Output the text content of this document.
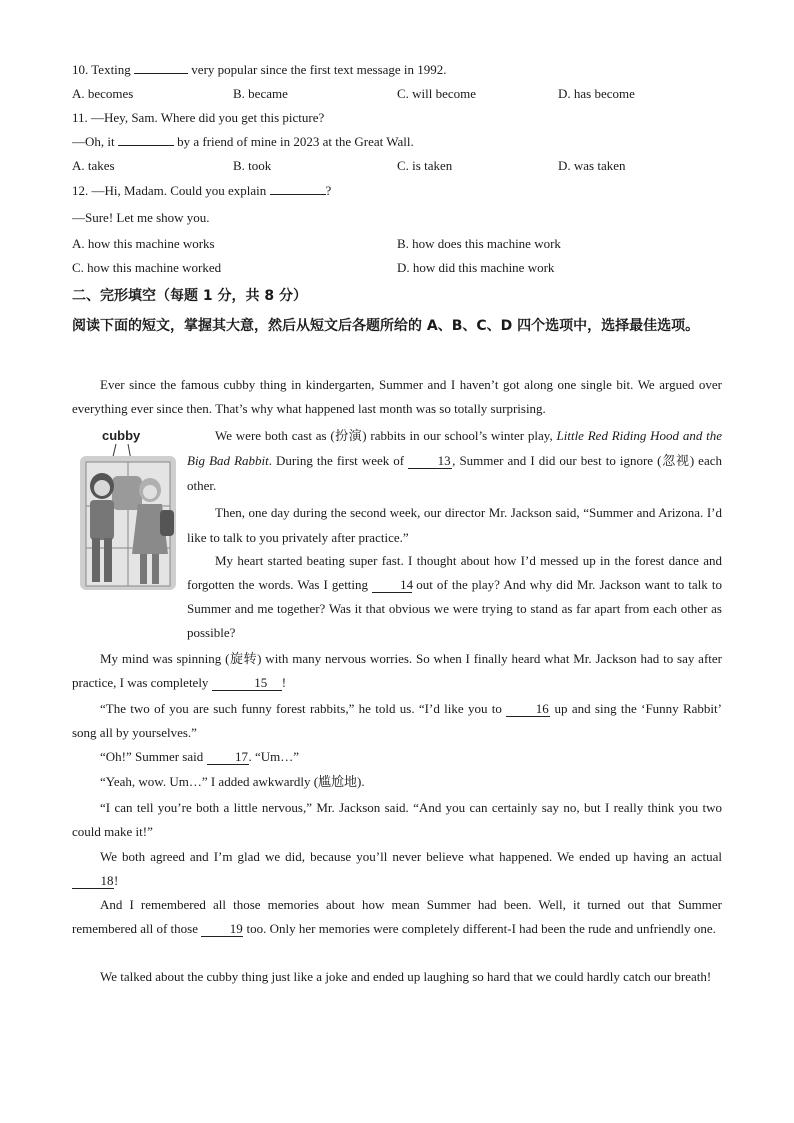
10. Texting	very popular since the first text message in 1992.
A. becomes	B. became	C. will become	D. has become
11. —Hey, Sam. Where did you get this picture?
—Oh, it	by a friend of mine in 2023 at the Great Wall.
A. takes	B. took	C. is taken	D. was taken
12. —Hi, Madam. Could you explain	?
—Sure! Let me show you.
A. how this machine works	B. how does this machine work
C. how this machine worked	D. how did this machine work
二、完形填空（每题 1 分，共 8 分）
阅读下面的短文，掌握其大意，然后从短文后各题所给的 A、B、C、D 四个选项中，选择最佳选项。
Ever since the famous cubby thing in kindergarten, Summer and I haven’t got along one single bit. We argued over everything ever since then. That’s why what happened last month was so totally surprising.
cubby	We were both cast as (扮演) rabbits in our school’s winter play, Little Red Riding Hood and the Big Bad Rabbit. During the first week of 13 , Summer and I did our best to ignore (忽视) each other.
Then, one day during the second week, our director Mr. Jackson said, “Summer and Arizona. I’d like to talk to you privately after practice.”
My heart started beating super fast. I thought about how I’d messed up in the forest dance and forgotten the words. Was I getting 14 out of the play? And why did Mr. Jackson want to talk to Summer and me together? Was it that obvious we were trying to stand as far apart from each other as possible?
My mind was spinning (旋转) with many nervous worries. So when I finally heard what Mr. Jackson had to say after practice, I was completely	15 !
“The two of you are such funny forest rabbits,” he told us. “I’d like you to 16 up and sing the ‘Funny Rabbit’ song all by yourselves.”
“Oh!” Summer said 17. “Um…”
“Yeah, wow. Um…” I added awkwardly (尴尬地).
“I can tell you’re both a little nervous,” Mr. Jackson said. “And you can certainly say no, but I really think you two could make it!”
We both agreed and I’m glad we did, because you’ll never believe what happened. We ended up having an actual 18!
And I remembered all those memories about how mean Summer had been. Well, it turned out that Summer remembered all of those 19 too. Only her memories were completely different-I had been the rude and unfriendly one.
We talked about the cubby thing just like a joke and ended up laughing so hard that we could hardly catch our breath!
